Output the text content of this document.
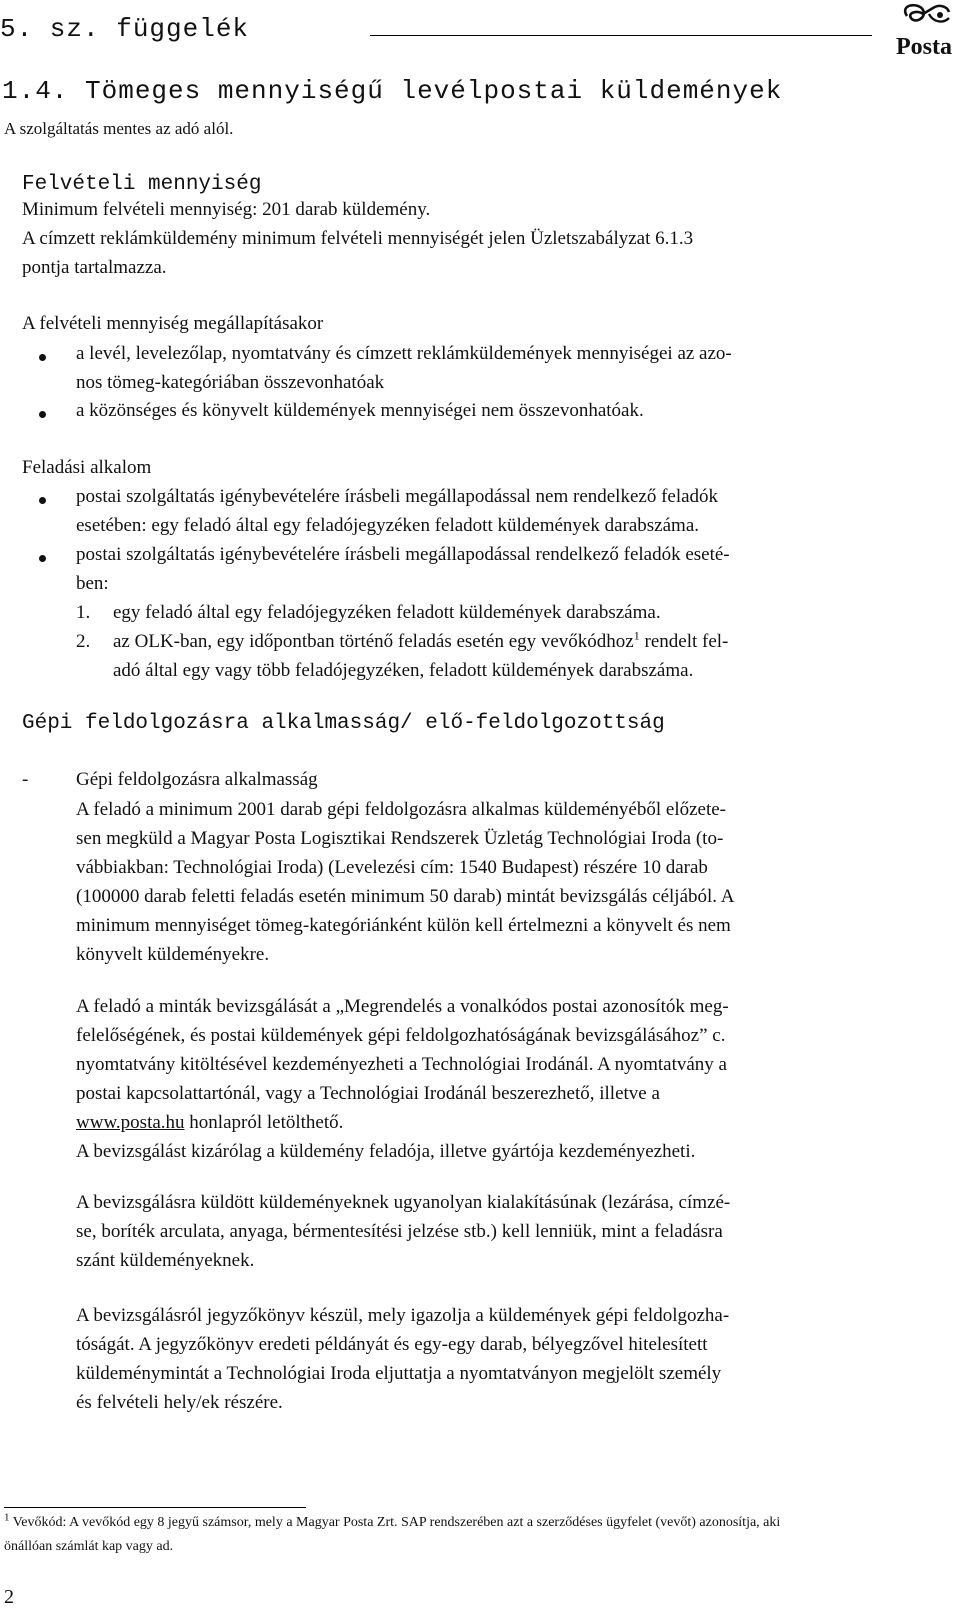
5. sz. függelék
Posta
1.4. Tömeges mennyiségű levélpostai küldemények
A szolgáltatás mentes az adó alól.
Felvételi mennyiség
Minimum felvételi mennyiség: 201 darab küldemény.
A címzett reklámküldemény minimum felvételi mennyiségét jelen Üzletszabályzat 6.1.3
pontja tartalmazza.
A felvételi mennyiség megállapításakor
a levél, levelezőlap, nyomtatvány és címzett reklámküldemények mennyiségei az azo-
nos tömeg-kategóriában összevonhatóak
a közönséges és könyvelt küldemények mennyiségei nem összevonhatóak.
Feladási alkalom
postai szolgáltatás igénybevételére írásbeli megállapodással nem rendelkező feladók
esetében: egy feladó által egy feladójegyzéken feladott küldemények darabszáma.
postai szolgáltatás igénybevételére írásbeli megállapodással rendelkező feladók eseté-
ben:
1. egy feladó által egy feladójegyzéken feladott küldemények darabszáma.
2. az OLK-ban, egy időpontban történő feladás esetén egy vevőkódhoz$^1$ rendelt fel-
adó által egy vagy több feladójegyzéken, feladott küldemények darabszáma.
Gépi feldolgozásra alkalmasság/ elő-feldolgozottság
-	Gépi feldolgozásra alkalmasság

A feladó a minimum 2001 darab gépi feldolgozásra alkalmas küldeményéből előzete-

sen megküld a Magyar Posta Logisztikai Rendszerek Üzletág Technológiai Iroda (to-

vábbiakban: Technológiai Iroda) (Levelezési cím: 1540 Budapest) részére 10 darab

(100000 darab feletti feladás esetén minimum 50 darab) mintát bevizsgálás céljából. A

minimum mennyiséget tömeg-kategóriánként külön kell értelmezni a könyvelt és nem

könyvelt küldeményekre.

A feladó a minták bevizsgálását a „Megrendelés a vonalkódos postai azonosítók meg-

felelőségének, és postai küldemények gépi feldolgozhatóságának bevizsgálásához” c.

nyomtatvány kitöltésével kezdeményezheti a Technológiai Irodánál. A nyomtatvány a

postai kapcsolattartónál, vagy a Technológiai Irodánál beszerezhető, illetve a

www.posta.hu honlapról letölthető.

A bevizsgálást kizárólag a küldemény feladója, illetve gyártója kezdeményezheti.

A bevizsgálásra küldött küldeményeknek ugyanolyan kialakításúnak (lezárása, címzé-

se, boríték arculata, anyaga, bérmentesítési jelzése stb.) kell lenniük, mint a feladásra

szánt küldeményeknek.

A bevizsgálásról jegyzőkönyv készül, mely igazolja a küldemények gépi feldolgozha-

tóságát. A jegyzőkönyv eredeti példányát és egy-egy darab, bélyegzővel hitelesített

küldeménymintát a Technológiai Iroda eljuttatja a nyomtatványon megjelölt személy

és felvételi hely/ek részére.

$^1$ Vevőkód: A vevőkód egy 8 jegyű számsor, mely a Magyar Posta Zrt. SAP rendszerében azt a szerződéses ügyfelet (vevőt) azonosítja, aki
önállóan számlát kap vagy ad.
2
